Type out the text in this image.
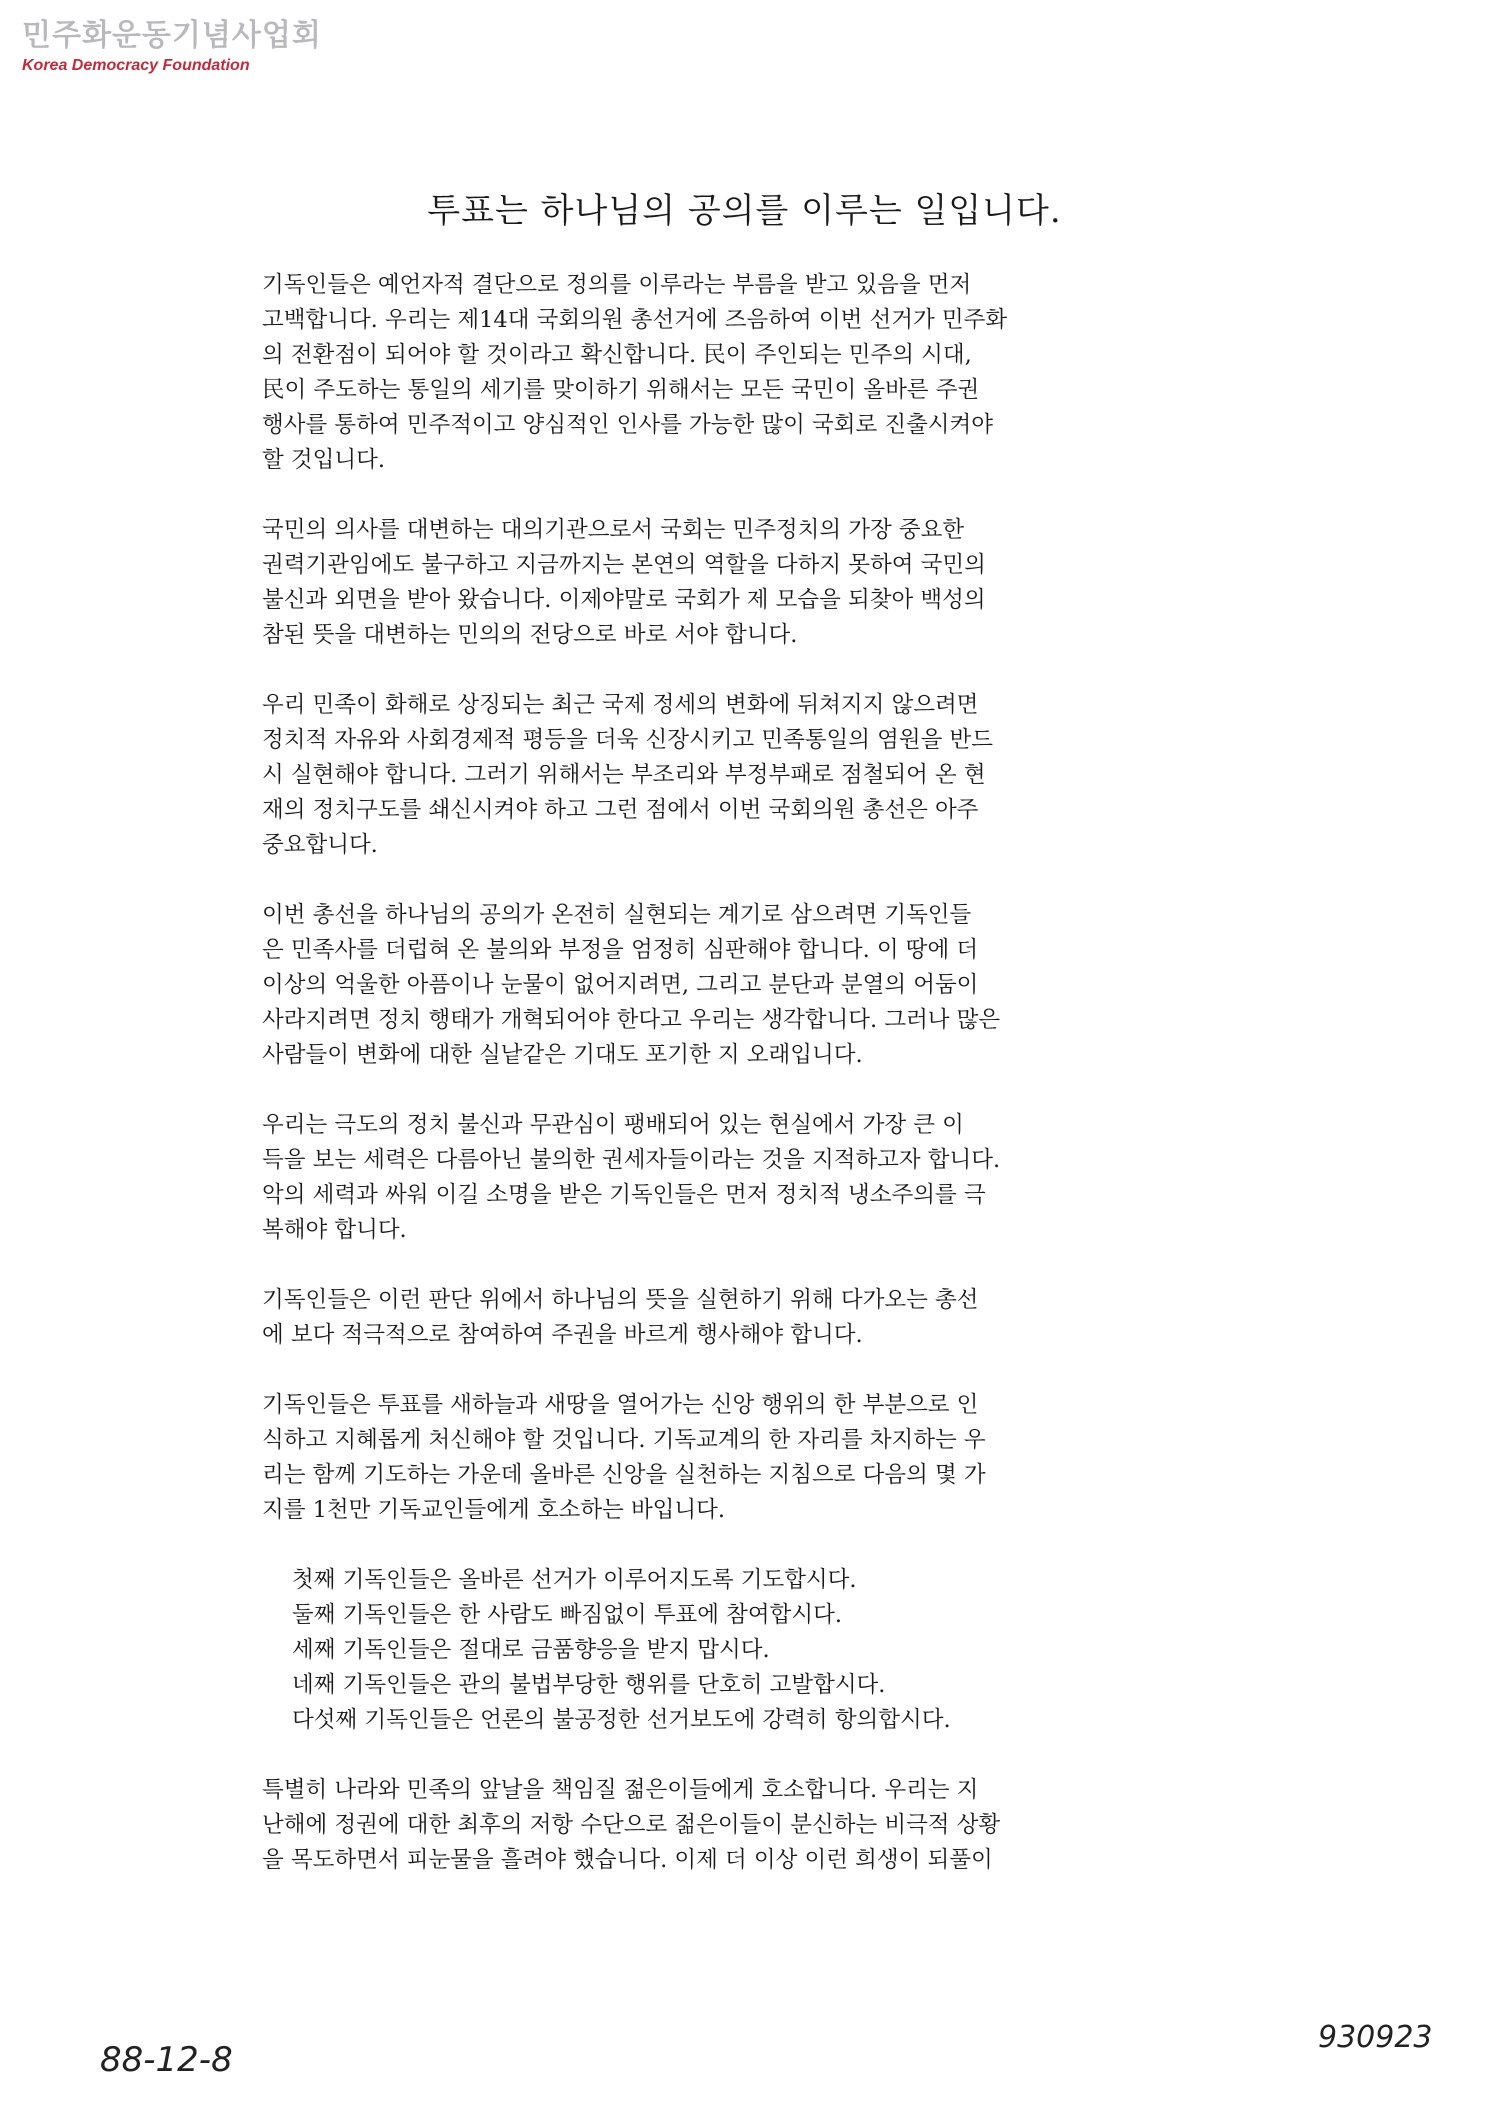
민주화운동기념사업회
Korea Democracy Foundation
투표는 하나님의 공의를 이루는 일입니다.
기독인들은 예언자적 결단으로 정의를 이루라는 부름을 받고 있음을 먼저
고백합니다. 우리는 제14대 국회의원 총선거에 즈음하여 이번 선거가 민주화
의 전환점이 되어야 할 것이라고 확신합니다. 民이 주인되는 민주의 시대,
民이 주도하는 통일의 세기를 맞이하기 위해서는 모든 국민이 올바른 주권
행사를 통하여 민주적이고 양심적인 인사를 가능한 많이 국회로 진출시켜야
할 것입니다.
국민의 의사를 대변하는 대의기관으로서 국회는 민주정치의 가장 중요한
권력기관임에도 불구하고 지금까지는 본연의 역할을 다하지 못하여 국민의
불신과 외면을 받아 왔습니다. 이제야말로 국회가 제 모습을 되찾아 백성의
참된 뜻을 대변하는 민의의 전당으로 바로 서야 합니다.
우리 민족이 화해로 상징되는 최근 국제 정세의 변화에 뒤쳐지지 않으려면
정치적 자유와 사회경제적 평등을 더욱 신장시키고 민족통일의 염원을 반드
시 실현해야 합니다. 그러기 위해서는 부조리와 부정부패로 점철되어 온 현
재의 정치구도를 쇄신시켜야 하고 그런 점에서 이번 국회의원 총선은 아주
중요합니다.
이번 총선을 하나님의 공의가 온전히 실현되는 계기로 삼으려면 기독인들
은 민족사를 더럽혀 온 불의와 부정을 엄정히 심판해야 합니다. 이 땅에 더
이상의 억울한 아픔이나 눈물이 없어지려면, 그리고 분단과 분열의 어둠이
사라지려면 정치 행태가 개혁되어야 한다고 우리는 생각합니다. 그러나 많은
사람들이 변화에 대한 실낱같은 기대도 포기한 지 오래입니다.
우리는 극도의 정치 불신과 무관심이 팽배되어 있는 현실에서 가장 큰 이
득을 보는 세력은 다름아닌 불의한 권세자들이라는 것을 지적하고자 합니다.
악의 세력과 싸워 이길 소명을 받은 기독인들은 먼저 정치적 냉소주의를 극
복해야 합니다.
기독인들은 이런 판단 위에서 하나님의 뜻을 실현하기 위해 다가오는 총선
에 보다 적극적으로 참여하여 주권을 바르게 행사해야 합니다.
기독인들은 투표를 새하늘과 새땅을 열어가는 신앙 행위의 한 부분으로 인
식하고 지혜롭게 처신해야 할 것입니다. 기독교계의 한 자리를 차지하는 우
리는 함께 기도하는 가운데 올바른 신앙을 실천하는 지침으로 다음의 몇 가
지를 1천만 기독교인들에게 호소하는 바입니다.
첫째 기독인들은 올바른 선거가 이루어지도록 기도합시다.
둘째 기독인들은 한 사람도 빠짐없이 투표에 참여합시다.
세째 기독인들은 절대로 금품향응을 받지 맙시다.
네째 기독인들은 관의 불법부당한 행위를 단호히 고발합시다.
다섯째 기독인들은 언론의 불공정한 선거보도에 강력히 항의합시다.
특별히 나라와 민족의 앞날을 책임질 젊은이들에게 호소합니다. 우리는 지
난해에 정권에 대한 최후의 저항 수단으로 젊은이들이 분신하는 비극적 상황
을 목도하면서 피눈물을 흘려야 했습니다. 이제 더 이상 이런 희생이 되풀이
88-12-8
930923
